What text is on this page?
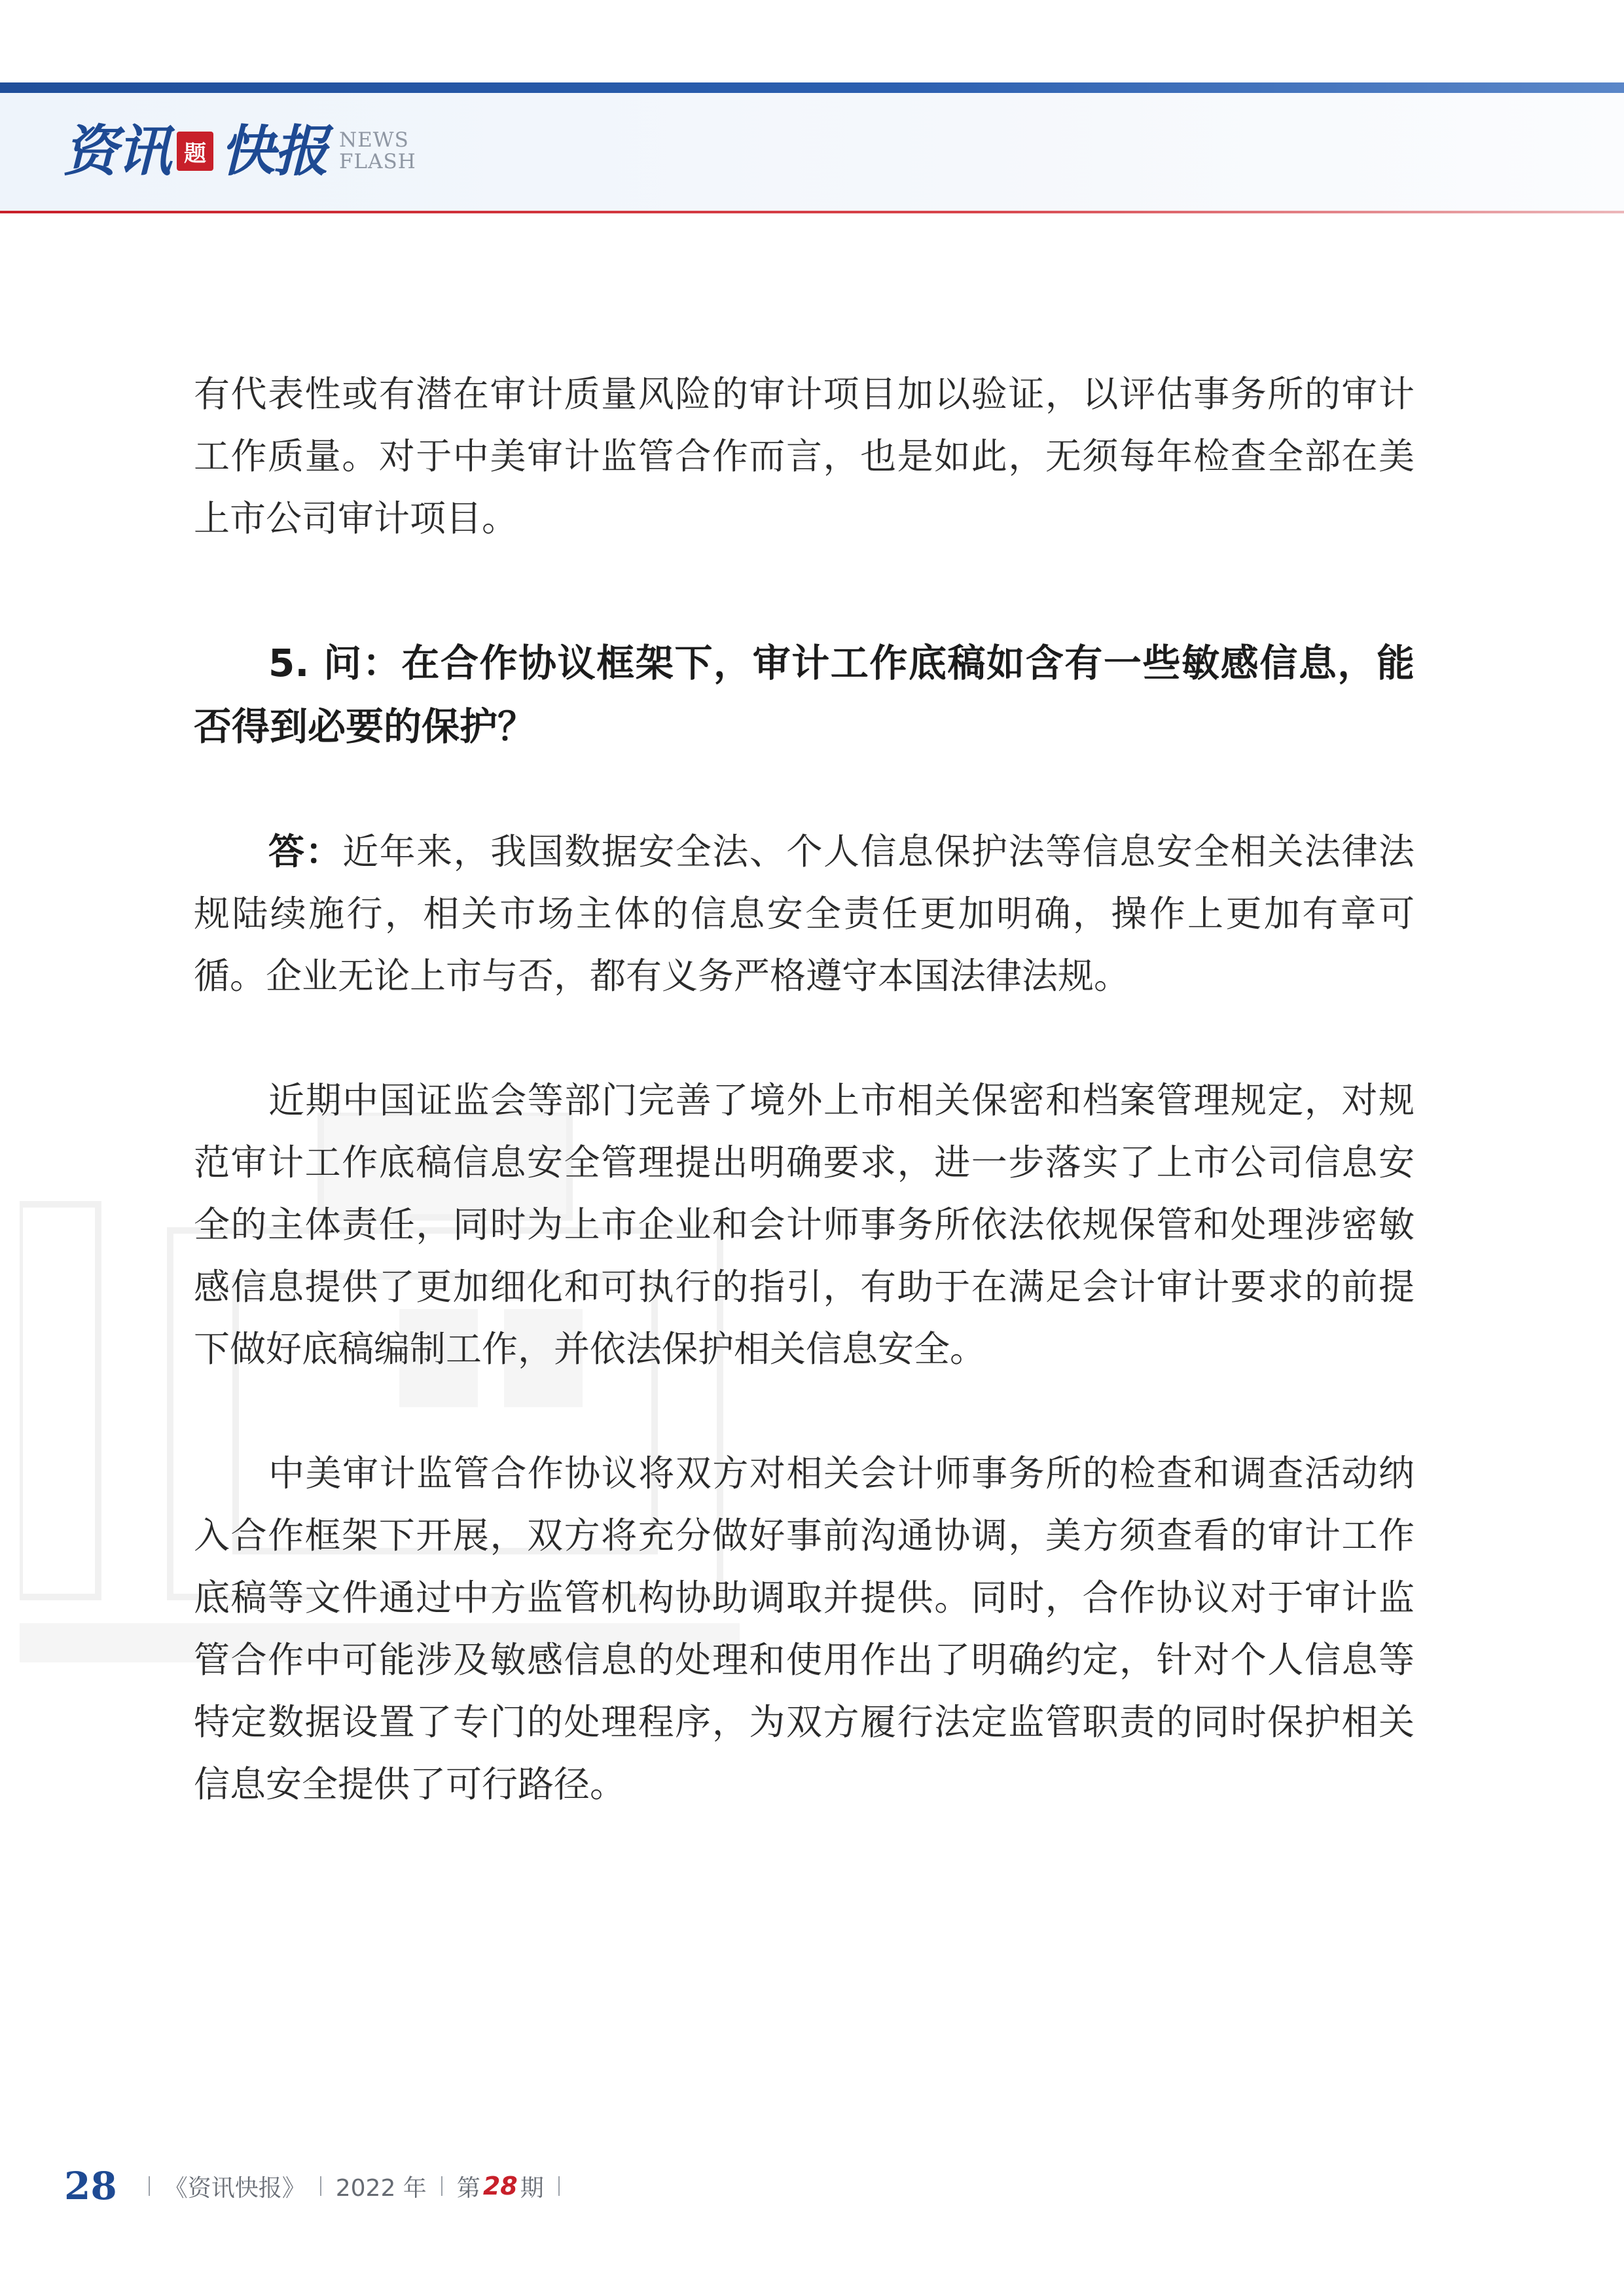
资讯 题 快报 NEWS
FLASH

有代表性或有潜在审计质量风险的审计项目加以验证，以评估事务所的审计工作质量。对于中美审计监管合作而言，也是如此，无须每年检查全部在美上市公司审计项目。

5. 问：在合作协议框架下，审计工作底稿如含有一些敏感信息，能否得到必要的保护？

答：近年来，我国数据安全法、个人信息保护法等信息安全相关法律法规陆续施行，相关市场主体的信息安全责任更加明确，操作上更加有章可循。企业无论上市与否，都有义务严格遵守本国法律法规。

近期中国证监会等部门完善了境外上市相关保密和档案管理规定，对规范审计工作底稿信息安全管理提出明确要求，进一步落实了上市公司信息安全的主体责任，同时为上市企业和会计师事务所依法依规保管和处理涉密敏感信息提供了更加细化和可执行的指引，有助于在满足会计审计要求的前提下做好底稿编制工作，并依法保护相关信息安全。

中美审计监管合作协议将双方对相关会计师事务所的检查和调查活动纳入合作框架下开展，双方将充分做好事前沟通协调，美方须查看的审计工作底稿等文件通过中方监管机构协助调取并提供。同时，合作协议对于审计监管合作中可能涉及敏感信息的处理和使用作出了明确约定，针对个人信息等特定数据设置了专门的处理程序，为双方履行法定监管职责的同时保护相关信息安全提供了可行路径。

28 《资讯快报》 2022 年 第 28 期
